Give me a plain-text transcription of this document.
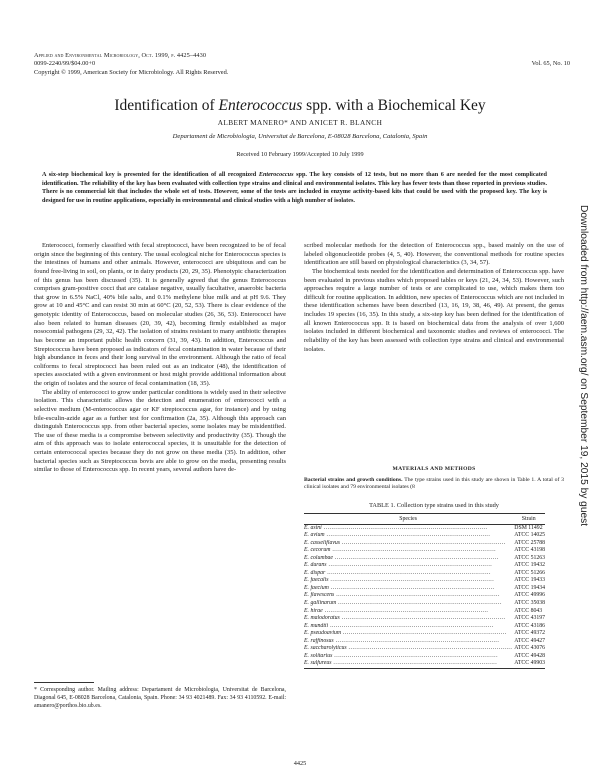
Applied and Environmental Microbiology, Oct. 1999, p. 4425–4430
0099-2240/99/$04.00+0
Copyright © 1999, American Society for Microbiology. All Rights Reserved.
Vol. 65, No. 10
Identification of Enterococcus spp. with a Biochemical Key
ALBERT MANERO* AND ANICET R. BLANCH
Departament de Microbiologia, Universitat de Barcelona, E-08028 Barcelona, Catalonia, Spain
Received 10 February 1999/Accepted 10 July 1999
A six-step biochemical key is presented for the identification of all recognized Enterococcus spp. The key consists of 12 tests, but no more than 6 are needed for the most complicated identification. The reliability of the key has been evaluated with collection type strains and clinical and environmental isolates. This key has fewer tests than those reported in previous studies. There is no commercial kit that includes the whole set of tests. However, some of the tests are included in enzyme activity-based kits that could be used with the proposed key. The key is designed for use in routine applications, especially in environmental and clinical studies with a high number of isolates.

Enterococci, formerly classified with fecal streptococci, have been recognized to be of fecal origin since the beginning of this century. The usual ecological niche for Enterococcus species is the intestines of humans and other animals. However, enterococci are ubiquitous and can be found free-living in soil, on plants, or in dairy products (20, 29, 35). Phenotypic characterization of this genus has been discussed (35). It is generally agreed that the genus Enterococcus comprises gram-positive cocci that are catalase negative, usually facultative, anaerobic bacteria that grow in 6.5% NaCl, 40% bile salts, and 0.1% methylene blue milk and at pH 9.6. They grow at 10 and 45°C and can resist 30 min at 60°C (20, 52, 53). There is clear evidence of the genotypic identity of Enterococcus, based on molecular studies (26, 36, 53). Enterococci have also been related to human diseases (20, 39, 42), becoming firmly established as major nosocomial pathogens (29, 32, 42). The isolation of strains resistant to many antibiotic therapies has become an important public health concern (31, 39, 43). In addition, Enterococcus and Streptococcus have been proposed as indicators of fecal contamination in water because of their high abundance in feces and their long survival in the environment. Although the ratio of fecal coliforms to fecal streptococci has been ruled out as an indicator (48), the identification of species associated with a given environment or host might provide additional information about the origin of isolates and the source of fecal contamination (18, 35).

The ability of enterococci to grow under particular conditions is widely used in their selective isolation. This characteristic allows the detection and enumeration of enterococci with a selective medium (M-enterococcus agar or KF streptococcus agar, for instance) and by using bile-esculin-azide agar as a further test for confirmation (2a, 35). Although this approach can distinguish Enterococcus spp. from other bacterial species, some isolates may be misidentified. The use of these media is a compromise between selectivity and productivity (35). Though the aim of this approach was to isolate enterococcal species, it is unsuitable for the detection of certain enterococcal species because they do not grow on these media (35). In addition, other bacterial species such as Streptococcus bovis are able to grow on the media, presenting results similar to those of Enterococcus spp. In recent years, several authors have de-

scribed molecular methods for the detection of Enterococcus spp., based mainly on the use of labeled oligonucleotide probes (4, 5, 40). However, the conventional methods for routine species identification are still based on physiological characteristics (3, 34, 57).

The biochemical tests needed for the identification and determination of Enterococcus spp. have been evaluated in previous studies which proposed tables or keys (21, 24, 34, 53). However, such approaches require a large number of tests or are complicated to use, which makes them too difficult for routine application. In addition, new species of Enterococcus which are not included in these identification schemes have been described (13, 16, 19, 38, 46, 49). At present, the genus includes 19 species (16, 35). In this study, a six-step key has been defined for the identification of all known Enterococcus spp. It is based on biochemical data from the analysis of over 1,600 isolates included in different biochemical and taxonomic studies and reviews of enterococci. The reliability of the key has been assessed with collection type strains and clinical and environmental isolates.

MATERIALS AND METHODS
Bacterial strains and growth conditions. The type strains used in this study are shown in Table 1. A total of 3 clinical isolates and 79 environmental isolates (8
TABLE 1. Collection type strains used in this study
Species	Strain
E. asini .....	DSM 11492
E. avium .....	ATCC 14025
E. casseliflavus .....	ATCC 25788
E. cecorum .....	ATCC 43198
E. columbae .....	ATCC 51263
E. durans .....	ATCC 19432
E. dispar .....	ATCC 51266
E. faecalis .....	ATCC 19433
E. faecium .....	ATCC 19434
E. flavescens .....	ATCC 49996
E. gallinarum .....	ATCC 35038
E. hirae .....	ATCC 8043
E. malodoratus .....	ATCC 43197
E. mundtii .....	ATCC 43186
E. pseudoavium .....	ATCC 49372
E. raffinosus .....	ATCC 49427
E. saccharolyticus .....	ATCC 43076
E. solitarius .....	ATCC 49428
E. sulfureus .....	ATCC 49903
* Corresponding author. Mailing address: Departament de Microbiologia, Universitat de Barcelona, Diagonal 645, E-08028 Barcelona, Catalonia, Spain. Phone: 34 93 4021489. Fax: 34 93 4110592. E-mail: amanero@porthos.bio.ub.es.
4425
Downloaded from http://aem.asm.org/ on September 19, 2015 by guest
